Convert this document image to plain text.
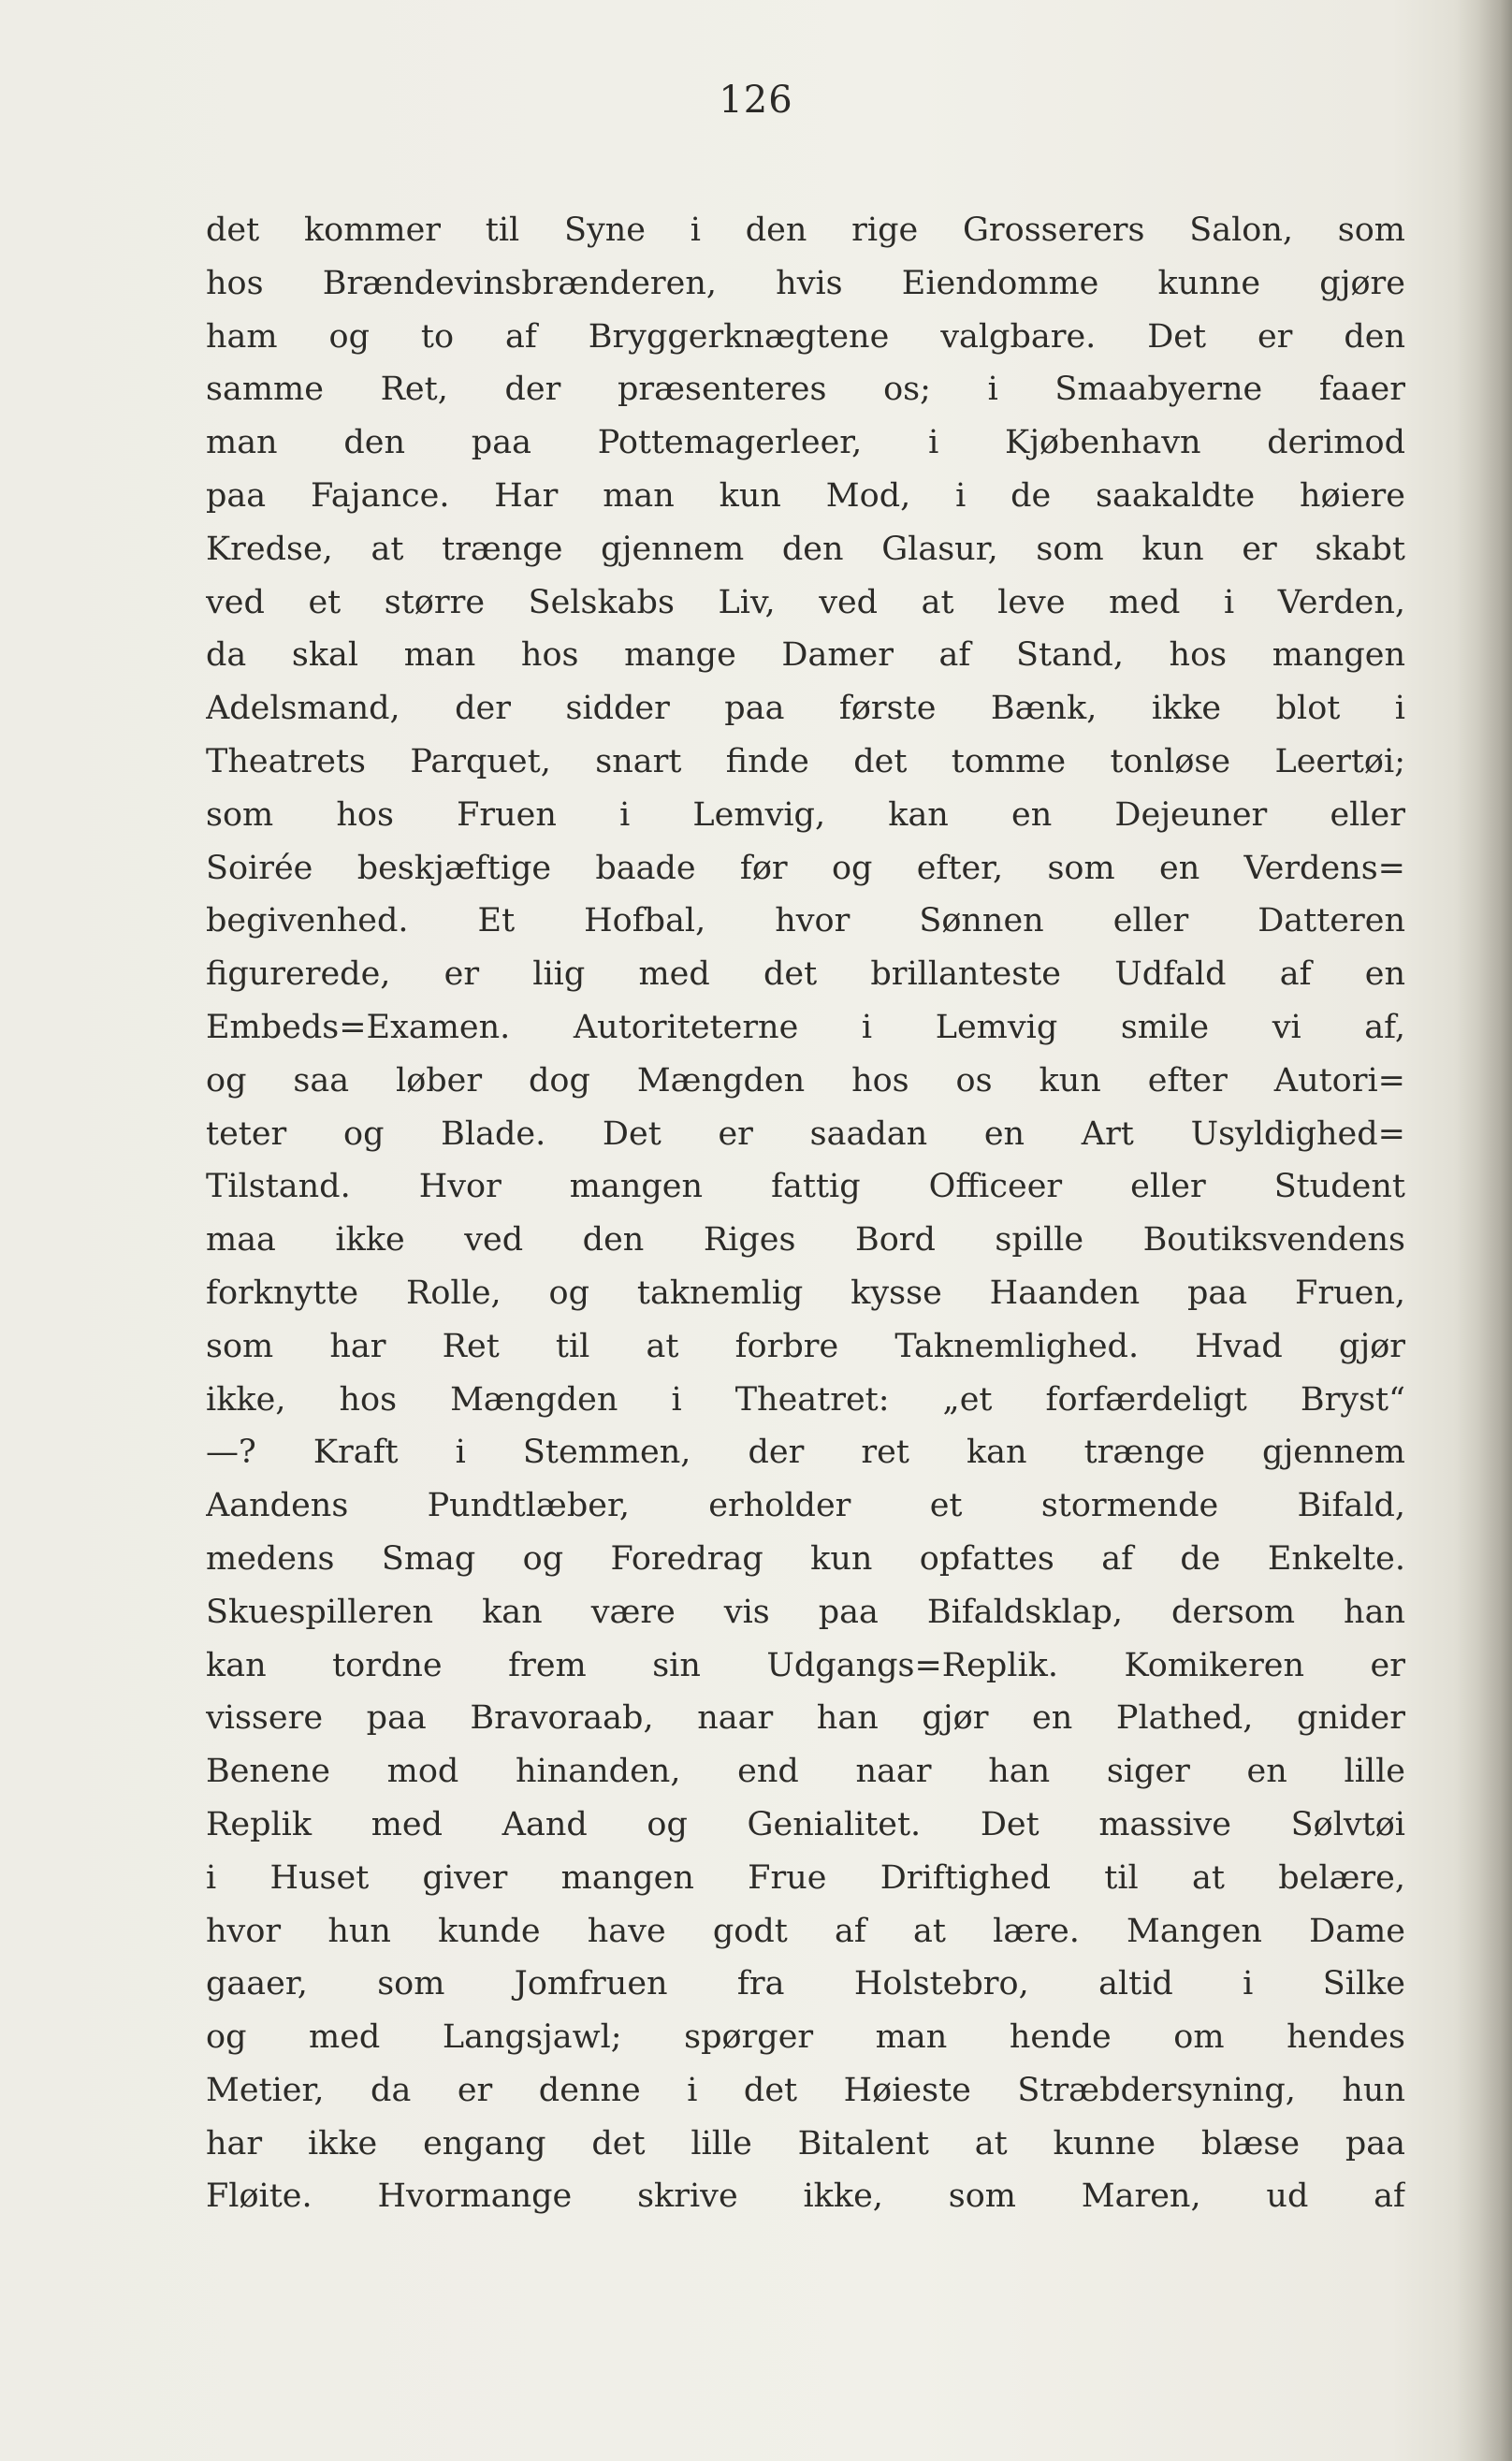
126
det kommer til Syne i den rige Grosserers Salon, som
hos Brændevinsbrænderen, hvis Eiendomme kunne gjøre
ham og to af Bryggerknægtene valgbare. Det er den
samme Ret, der præsenteres os; i Smaabyerne faaer
man den paa Pottemagerleer, i Kjøbenhavn derimod
paa Fajance. Har man kun Mod, i de saakaldte høiere
Kredse, at trænge gjennem den Glasur, som kun er skabt
ved et større Selskabs Liv, ved at leve med i Verden,
da skal man hos mange Damer af Stand, hos mangen
Adelsmand, der sidder paa første Bænk, ikke blot i
Theatrets Parquet, snart finde det tomme tonløse Leertøi;
som hos Fruen i Lemvig, kan en Dejeuner eller
Soirée beskjæftige baade før og efter, som en Verdens=
begivenhed. Et Hofbal, hvor Sønnen eller Datteren
figurerede, er liig med det brillanteste Udfald af en
Embeds=Examen. Autoriteterne i Lemvig smile vi af,
og saa løber dog Mængden hos os kun efter Autori=
teter og Blade. Det er saadan en Art Usyldighed=
Tilstand. Hvor mangen fattig Officeer eller Student
maa ikke ved den Riges Bord spille Boutiksvendens
forknytte Rolle, og taknemlig kysse Haanden paa Fruen,
som har Ret til at forbre Taknemlighed. Hvad gjør
ikke, hos Mængden i Theatret: „et forfærdeligt Bryst“
—? Kraft i Stemmen, der ret kan trænge gjennem
Aandens Pundtlæber, erholder et stormende Bifald,
medens Smag og Foredrag kun opfattes af de Enkelte.
Skuespilleren kan være vis paa Bifaldsklap, dersom han
kan tordne frem sin Udgangs=Replik. Komikeren er
vissere paa Bravoraab, naar han gjør en Plathed, gnider
Benene mod hinanden, end naar han siger en lille
Replik med Aand og Genialitet. Det massive Sølvtøi
i Huset giver mangen Frue Driftighed til at belære,
hvor hun kunde have godt af at lære. Mangen Dame
gaaer, som Jomfruen fra Holstebro, altid i Silke
og med Langsjawl; spørger man hende om hendes
Metier, da er denne i det Høieste Stræbdersyning, hun
har ikke engang det lille Bitalent at kunne blæse paa
Fløite. Hvormange skrive ikke, som Maren, ud af
